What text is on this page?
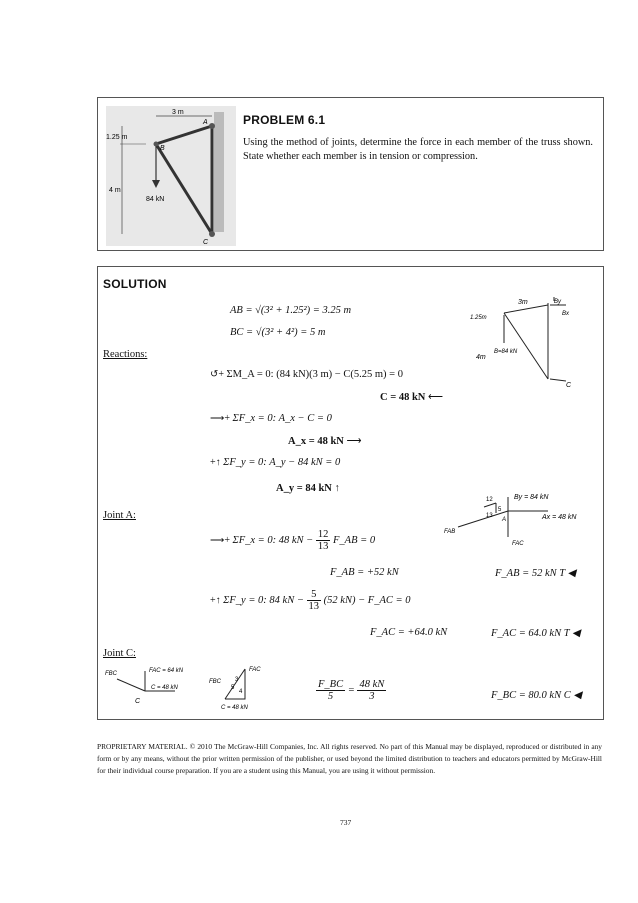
3 m
1.25 m
4 m
84 kN
A
B
C
PROBLEM 6.1
Using the method of joints, determine the force in each member of the truss shown. State whether each member is in tension or compression.
SOLUTION
AB = √(3² + 1.25²) = 3.25 m
BC = √(3² + 4²) = 5 m
Reactions:
↺+ ΣM_A = 0: (84 kN)(3 m) − C(5.25 m) = 0
C = 48 kN ⟵
⟶+ ΣF_x = 0: A_x − C = 0
A_x = 48 kN ⟶
+↑ ΣF_y = 0: A_y − 84 kN = 0
A_y = 84 kN ↑
Joint A:
⟶+ ΣF_x = 0: 48 kN − $\frac{12}{13}$ F_AB = 0
F_AB = +52 kN	F_AB = 52 kN T ◀
+↑ ΣF_y = 0: 84 kN − $\frac{5}{13} (52$ kN) − F_AC = 0
F_AC = +64.0 kN	F_AC = 64.0 kN T ◀
Joint C:
$\frac{F\_BC}{5} = \frac{48 kN}{3}$	F_BC = 80.0 kN C ◀
3m
1.25m
4m
B=84 kN
By
Bx
C
By = 84 kN
Ax = 48 kN
FAB
FAC
12
13
5
A
FAC = 64 kN
FBC
C = 48 kN
C
FAC
FBC
C = 48 kN
3
4
5
PROPRIETARY MATERIAL. © 2010 The McGraw-Hill Companies, Inc. All rights reserved. No part of this Manual may be displayed, reproduced or distributed in any form or by any means, without the prior written permission of the publisher, or used beyond the limited distribution to teachers and educators permitted by McGraw-Hill for their individual course preparation. If you are a student using this Manual, you are using it without permission.
737
